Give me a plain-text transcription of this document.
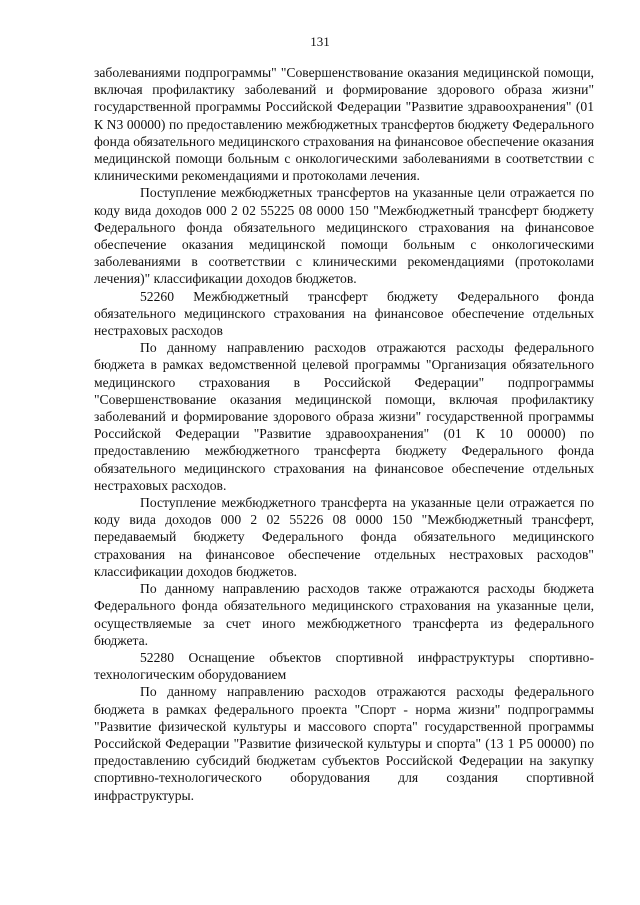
131

заболеваниями подпрограммы" "Совершенствование оказания медицинской помощи, включая профилактику заболеваний и формирование здорового образа жизни" государственной программы Российской Федерации "Развитие здравоохранения" (01 К N3 00000) по предоставлению межбюджетных трансфертов бюджету Федерального фонда обязательного медицинского страхования на финансовое обеспечение оказания медицинской помощи больным с онкологическими заболеваниями в соответствии с клиническими рекомендациями и протоколами лечения.

Поступление межбюджетных трансфертов на указанные цели отражается по коду вида доходов 000 2 02 55225 08 0000 150 "Межбюджетный трансферт бюджету Федерального фонда обязательного медицинского страхования на финансовое обеспечение оказания медицинской помощи больным с онкологическими заболеваниями в соответствии с клиническими рекомендациями (протоколами лечения)" классификации доходов бюджетов.

52260 Межбюджетный трансферт бюджету Федерального фонда обязательного медицинского страхования на финансовое обеспечение отдельных нестраховых расходов

По данному направлению расходов отражаются расходы федерального бюджета в рамках ведомственной целевой программы "Организация обязательного медицинского страхования в Российской Федерации" подпрограммы "Совершенствование оказания медицинской помощи, включая профилактику заболеваний и формирование здорового образа жизни" государственной программы Российской Федерации "Развитие здравоохранения" (01 К 10 00000) по предоставлению межбюджетного трансферта бюджету Федерального фонда обязательного медицинского страхования на финансовое обеспечение отдельных нестраховых расходов.

Поступление межбюджетного трансферта на указанные цели отражается по коду вида доходов 000 2 02 55226 08 0000 150 "Межбюджетный трансферт, передаваемый бюджету Федерального фонда обязательного медицинского страхования на финансовое обеспечение отдельных нестраховых расходов" классификации доходов бюджетов.

По данному направлению расходов также отражаются расходы бюджета Федерального фонда обязательного медицинского страхования на указанные цели, осуществляемые за счет иного межбюджетного трансферта из федерального бюджета.

52280 Оснащение объектов спортивной инфраструктуры спортивно-технологическим оборудованием

По данному направлению расходов отражаются расходы федерального бюджета в рамках федерального проекта "Спорт - норма жизни" подпрограммы "Развитие физической культуры и массового спорта" государственной программы Российской Федерации "Развитие физической культуры и спорта" (13 1 Р5 00000) по предоставлению субсидий бюджетам субъектов Российской Федерации на закупку спортивно-технологического оборудования для создания спортивной инфраструктуры.
